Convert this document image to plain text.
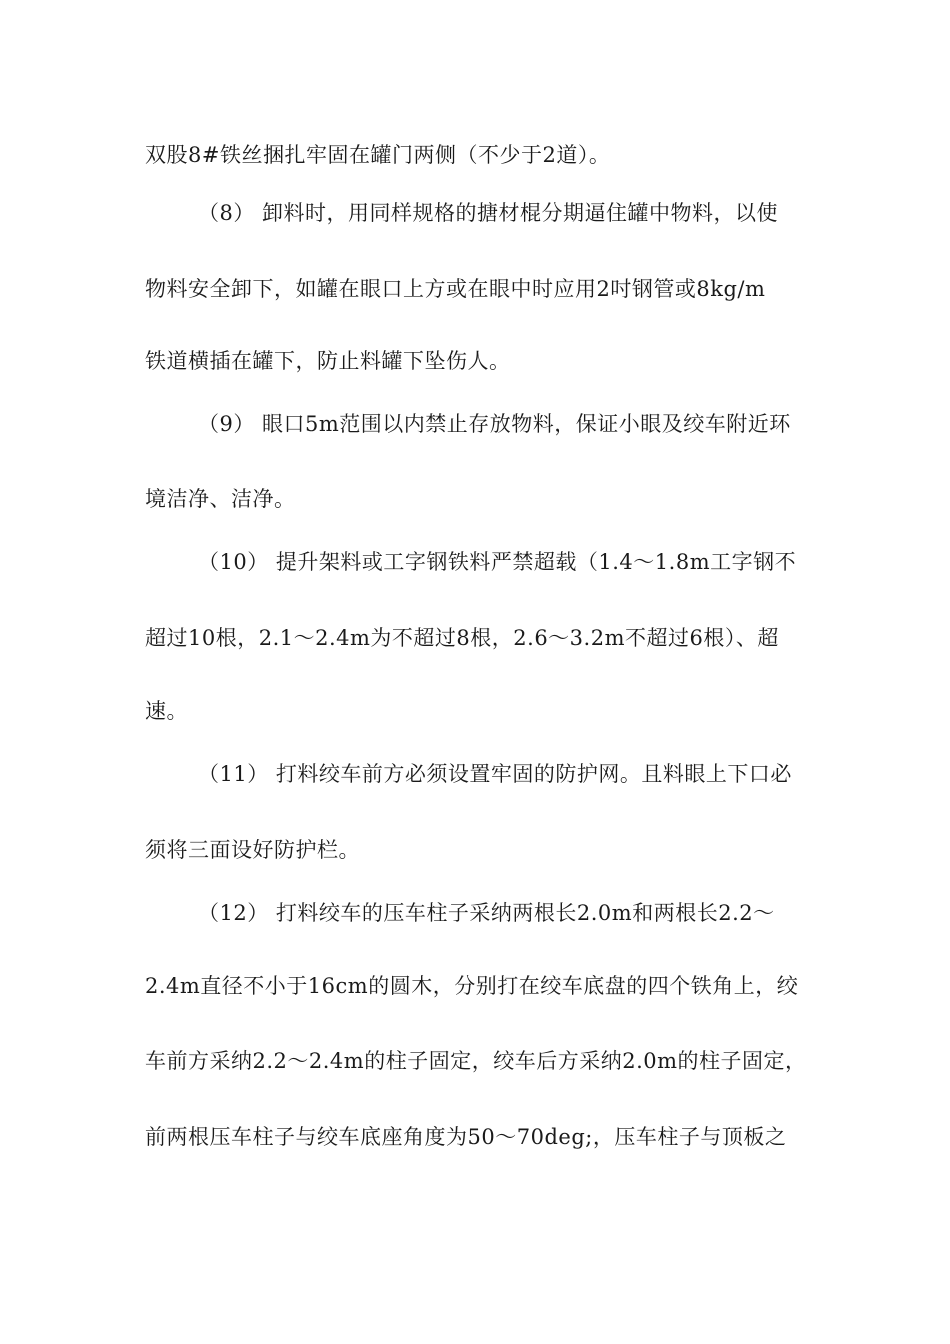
双股8#铁丝捆扎牢固在罐门两侧（不少于2道）。
（8） 卸料时，用同样规格的搪材棍分期逼住罐中物料，以使
物料安全卸下，如罐在眼口上方或在眼中时应用2吋钢管或8kg/m
铁道横插在罐下，防止料罐下坠伤人。
（9） 眼口5m范围以内禁止存放物料，保证小眼及绞车附近环
境洁净、洁净。
（10） 提升架料或工字钢铁料严禁超载（1.4～1.8m工字钢不
超过10根，2.1～2.4m为不超过8根，2.6～3.2m不超过6根）、超
速。
（11） 打料绞车前方必须设置牢固的防护网。且料眼上下口必
须将三面设好防护栏。
（12） 打料绞车的压车柱子采纳两根长2.0m和两根长2.2～
2.4m直径不小于16cm的圆木，分别打在绞车底盘的四个铁角上，绞
车前方采纳2.2～2.4m的柱子固定，绞车后方采纳2.0m的柱子固定，
前两根压车柱子与绞车底座角度为50～70deg;，压车柱子与顶板之
